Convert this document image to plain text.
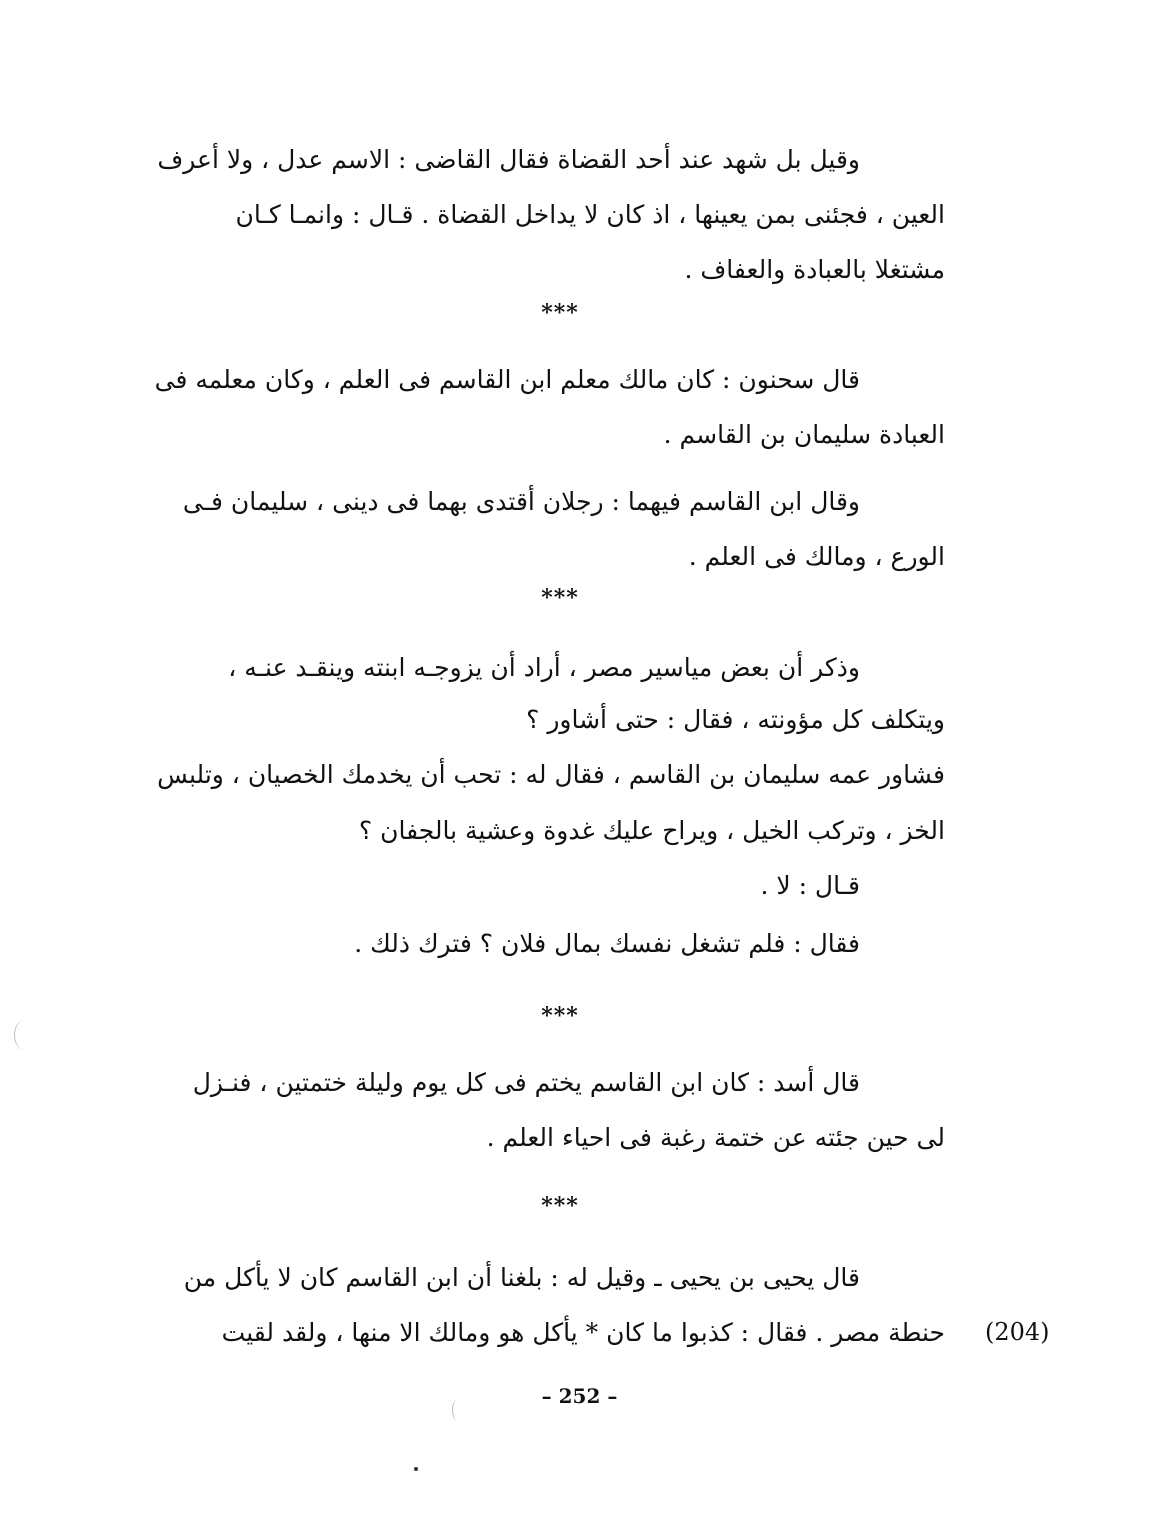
وقيل بل شهد عند أحد القضاة فقال القاضى : الاسم عدل ، ولا أعرف
العين ، فجئنى بمن يعينها ، اذ كان لا يداخل القضاة . قـال : وانمـا كـان
مشتغلا بالعبادة والعفاف .
***
قال سحنون : كان مالك معلم ابن القاسم فى العلم ، وكان معلمه فى
العبادة سليمان بن القاسم .
وقال ابن القاسم فيهما : رجلان أقتدى بهما فى دينى ، سليمان فـى
الورع ، ومالك فى العلم .
***
وذكر أن بعض مياسير مصر ، أراد أن يزوجـه ابنته وينقـد عنـه ،
ويتكلف كل مؤونته ، فقال : حتى أشاور ؟
فشاور عمه سليمان بن القاسم ، فقال له : تحب أن يخدمك الخصيان ، وتلبس
الخز ، وتركب الخيل ، ويراح عليك غدوة وعشية بالجفان ؟
قـال : لا .
فقال : فلم تشغل نفسك بمال فلان ؟ فترك ذلك .
***
قال أسد : كان ابن القاسم يختم فى كل يوم وليلة ختمتين ، فنـزل
لى حين جئته عن ختمة رغبة فى احياء العلم .
***
قال يحيى بن يحيى ـ وقيل له : بلغنا أن ابن القاسم كان لا يأكل من
حنطة مصر . فقال : كذبوا ما كان * يأكل هو ومالك الا منها ، ولقد لقيت (204)
– 252 –
